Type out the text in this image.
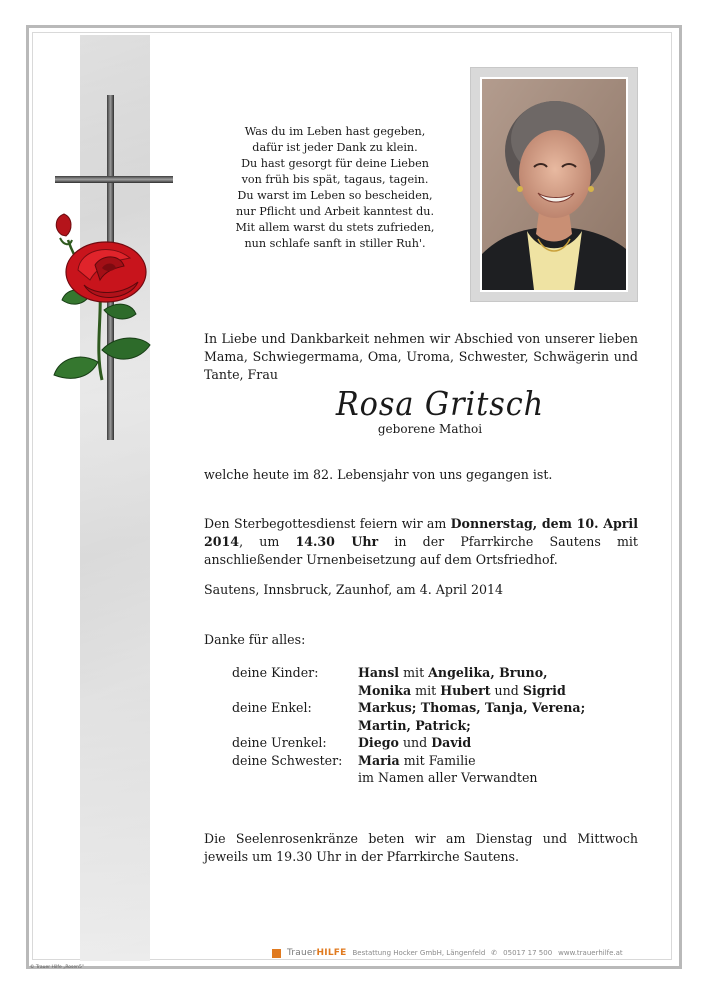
Was du im Leben hast gegeben,
dafür ist jeder Dank zu klein.
Du hast gesorgt für deine Lieben
von früh bis spät, tagaus, tagein.
Du warst im Leben so bescheiden,
nur Pflicht und Arbeit kanntest du.
Mit allem warst du stets zufrieden,
nun schlafe sanft in stiller Ruh'.
In Liebe und Dankbarkeit nehmen wir Abschied von unserer lieben Mama, Schwiegermama, Oma, Uroma, Schwester, Schwägerin und Tante, Frau
Rosa Gritsch
geborene Mathoi
welche heute im 82. Lebensjahr von uns gegangen ist.
Den Sterbegottesdienst feiern wir am Donnerstag, dem 10. April 2014, um 14.30 Uhr in der Pfarrkirche Sautens mit anschließender Urnenbeisetzung auf dem Ortsfriedhof.
Sautens, Innsbruck, Zaunhof, am 4. April 2014
Danke für alles:
deine Kinder:	Hansl mit Angelika, Bruno,
Monika mit Hubert und Sigrid
deine Enkel:	Markus; Thomas, Tanja, Verena;
Martin, Patrick;
deine Urenkel:	Diego und David
deine Schwester:	Maria mit Familie
im Namen aller Verwandten
Die Seelenrosenkränze beten wir am Dienstag und Mittwoch jeweils um 19.30 Uhr in der Pfarrkirche Sautens.
TrauerHILFE Bestattung Hocker GmbH, Längenfeld ✆ 05017 17 500 www.trauerhilfe.at
© Trauer Hilfe „Rosen5"
